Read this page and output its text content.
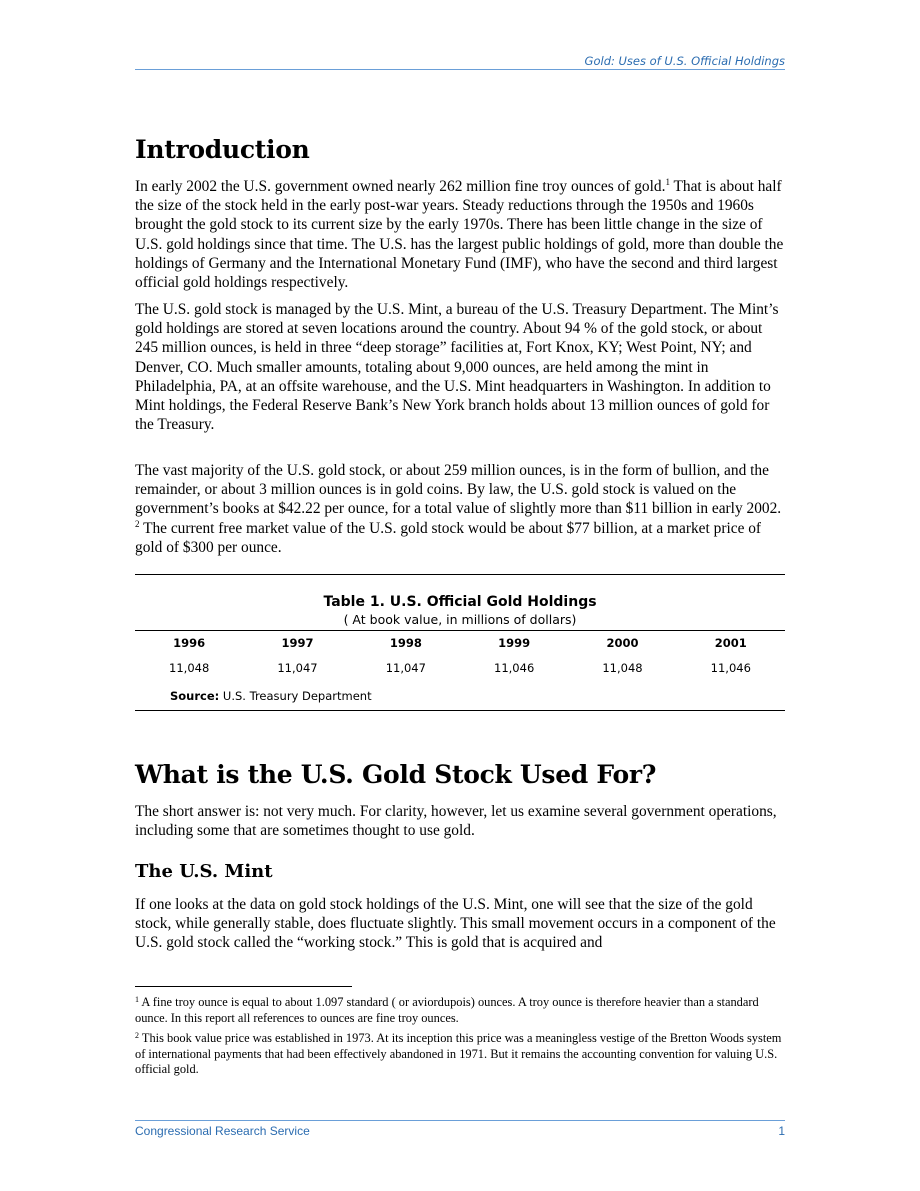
Gold: Uses of U.S. Official Holdings
Introduction

In early 2002 the U.S. government owned nearly 262 million fine troy ounces of gold.$^1$ That is about half the size of the stock held in the early post-war years. Steady reductions through the 1950s and 1960s brought the gold stock to its current size by the early 1970s. There has been little change in the size of U.S. gold holdings since that time. The U.S. has the largest public holdings of gold, more than double the holdings of Germany and the International Monetary Fund (IMF), who have the second and third largest official gold holdings respectively.

The U.S. gold stock is managed by the U.S. Mint, a bureau of the U.S. Treasury Department. The Mint’s gold holdings are stored at seven locations around the country. About 94 % of the gold stock, or about 245 million ounces, is held in three “deep storage” facilities at, Fort Knox, KY; West Point, NY; and Denver, CO. Much smaller amounts, totaling about 9,000 ounces, are held among the mint in Philadelphia, PA, at an offsite warehouse, and the U.S. Mint headquarters in Washington. In addition to Mint holdings, the Federal Reserve Bank’s New York branch holds about 13 million ounces of gold for the Treasury.

The vast majority of the U.S. gold stock, or about 259 million ounces, is in the form of bullion, and the remainder, or about 3 million ounces is in gold coins. By law, the U.S. gold stock is valued on the government’s books at $42.22 per ounce, for a total value of slightly more than $11 billion in early 2002. $^2$ The current free market value of the U.S. gold stock would be about $77 billion, at a market price of gold of $300 per ounce.

Table 1. U.S. Official Gold Holdings
( At book value, in millions of dollars)
1996	1997	1998	1999	2000	2001
11,048	11,047	11,047	11,046	11,048	11,046
Source: U.S. Treasury Department
What is the U.S. Gold Stock Used For?

The short answer is: not very much. For clarity, however, let us examine several government operations, including some that are sometimes thought to use gold.

The U.S. Mint

If one looks at the data on gold stock holdings of the U.S. Mint, one will see that the size of the gold stock, while generally stable, does fluctuate slightly. This small movement occurs in a component of the U.S. gold stock called the “working stock.” This is gold that is acquired and

$^1$ A fine troy ounce is equal to about 1.097 standard ( or aviordupois) ounces. A troy ounce is therefore heavier than a standard ounce. In this report all references to ounces are fine troy ounces.

$^2$ This book value price was established in 1973. At its inception this price was a meaningless vestige of the Bretton Woods system of international payments that had been effectively abandoned in 1971. But it remains the accounting convention for valuing U.S. official gold.

Congressional Research Service	1
